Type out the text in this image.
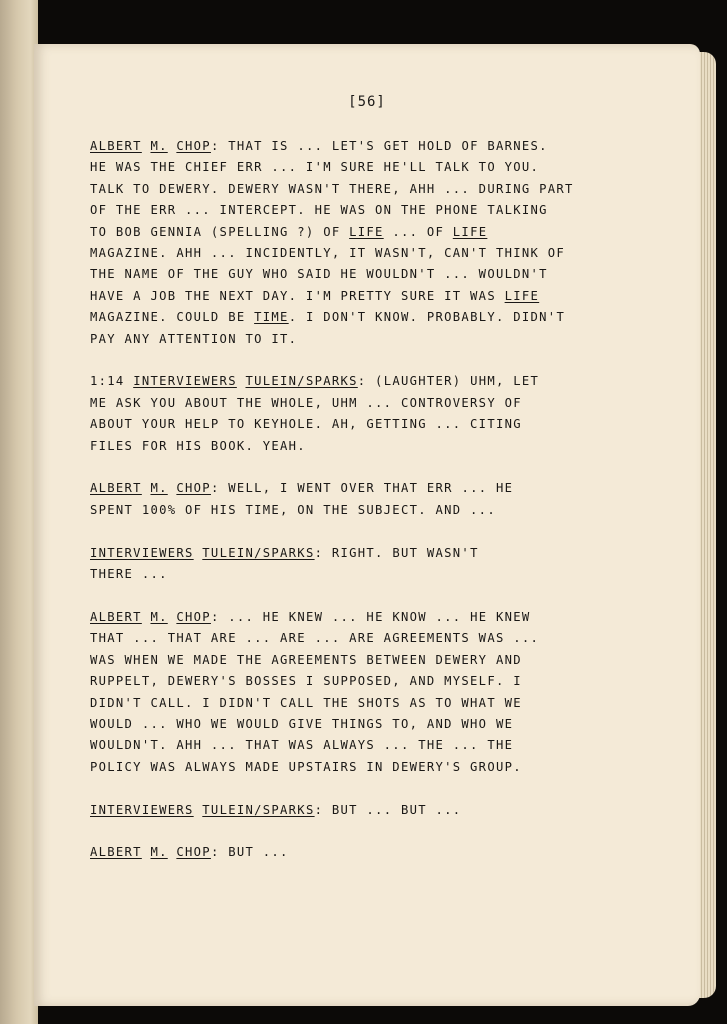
[56]
ALBERT M. CHOP: THAT IS ... LET'S GET HOLD OF BARNES.
HE WAS THE CHIEF ERR ... I'M SURE HE'LL TALK TO YOU.
TALK TO DEWERY. DEWERY WASN'T THERE, AHH ... DURING PART
OF THE ERR ... INTERCEPT. HE WAS ON THE PHONE TALKING
TO BOB GENNIA (SPELLING ?) OF LIFE ... OF LIFE
MAGAZINE. AHH ... INCIDENTLY, IT WASN'T, CAN'T THINK OF
THE NAME OF THE GUY WHO SAID HE WOULDN'T ... WOULDN'T
HAVE A JOB THE NEXT DAY. I'M PRETTY SURE IT WAS LIFE
MAGAZINE. COULD BE TIME. I DON'T KNOW. PROBABLY. DIDN'T
PAY ANY ATTENTION TO IT.
1:14 INTERVIEWERS TULEIN/SPARKS: (LAUGHTER) UHM, LET
ME ASK YOU ABOUT THE WHOLE, UHM ... CONTROVERSY OF
ABOUT YOUR HELP TO KEYHOLE. AH, GETTING ... CITING
FILES FOR HIS BOOK. YEAH.
ALBERT M. CHOP: WELL, I WENT OVER THAT ERR ... HE
SPENT 100% OF HIS TIME, ON THE SUBJECT. AND ...
INTERVIEWERS TULEIN/SPARKS: RIGHT. BUT WASN'T
THERE ...
ALBERT M. CHOP: ... HE KNEW ... HE KNOW ... HE KNEW
THAT ... THAT ARE ... ARE ... ARE AGREEMENTS WAS ...
WAS WHEN WE MADE THE AGREEMENTS BETWEEN DEWERY AND
RUPPELT, DEWERY'S BOSSES I SUPPOSED, AND MYSELF. I
DIDN'T CALL. I DIDN'T CALL THE SHOTS AS TO WHAT WE
WOULD ... WHO WE WOULD GIVE THINGS TO, AND WHO WE
WOULDN'T. AHH ... THAT WAS ALWAYS ... THE ... THE
POLICY WAS ALWAYS MADE UPSTAIRS IN DEWERY'S GROUP.
INTERVIEWERS TULEIN/SPARKS: BUT ... BUT ...
ALBERT M. CHOP: BUT ...
